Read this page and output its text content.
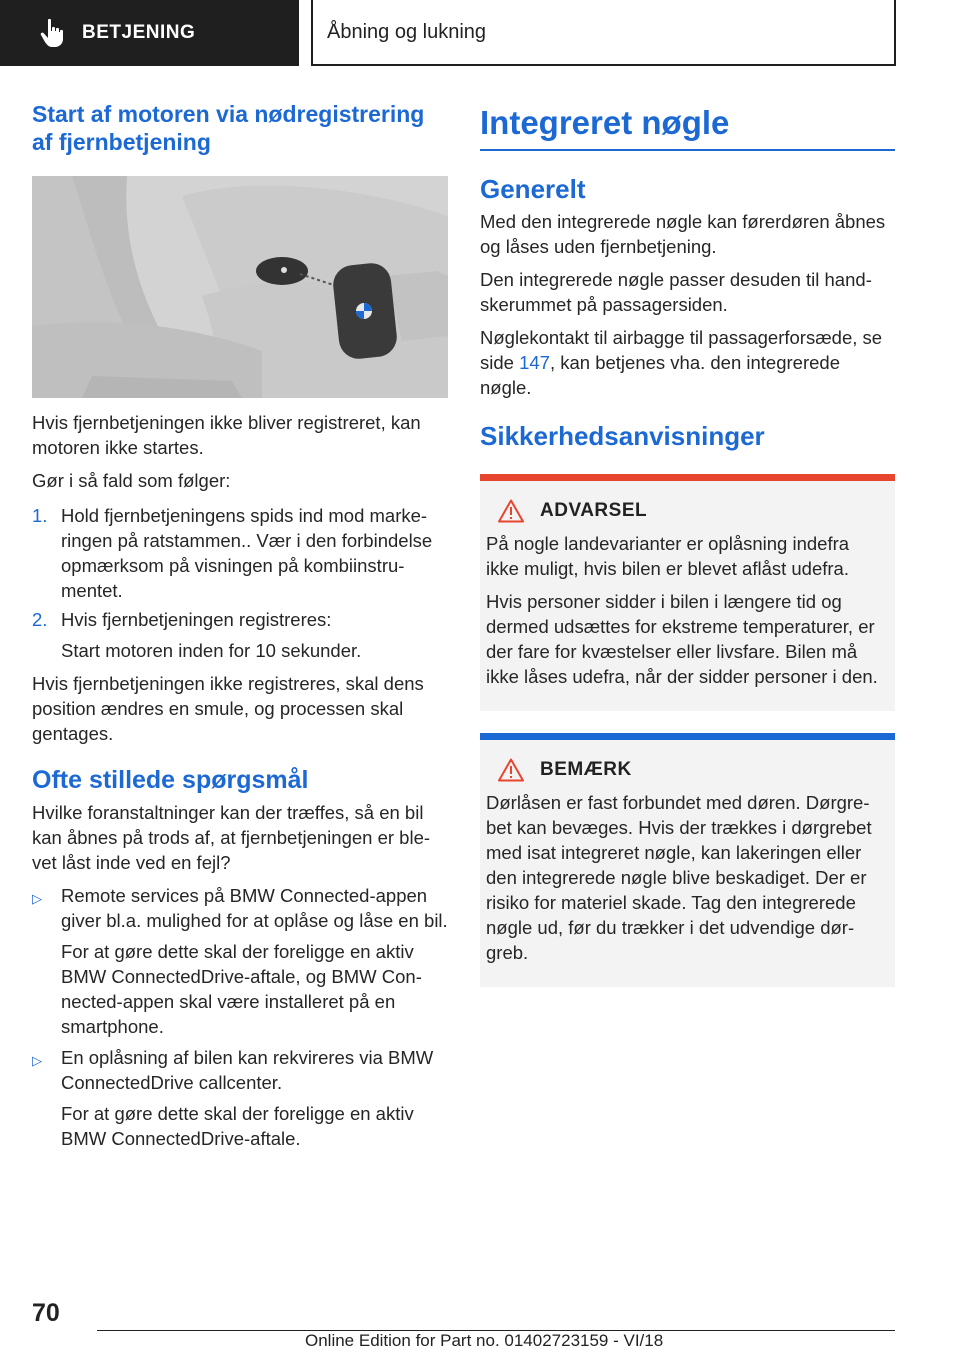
BETJENING	Åbning og lukning
Start af motoren via nødregistrering af fjernbetjening

Hvis fjernbetjeningen ikke bliver registreret, kan motoren ikke startes.

Gør i så fald som følger:

1. Hold fjernbetjeningens spids ind mod markeringen på ratstammen.. Vær i den forbindelse opmærksom på visningen på kombiinstrumentet.
2. Hvis fjernbetjeningen registreres:

Start motoren inden for 10 sekunder.

Hvis fjernbetjeningen ikke registreres, skal dens position ændres en smule, og processen skal gentages.

Ofte stillede spørgsmål

Hvilke foranstaltninger kan der træffes, så en bil kan åbnes på trods af, at fjernbetjeningen er blevet låst inde ved en fejl?

▷	Remote services på BMW Connected-appen giver bl.a. mulighed for at oplåse og låse en bil.
For at gøre dette skal der foreligge en aktiv BMW ConnectedDrive-aftale, og BMW Connected-appen skal være installeret på en smartphone.
▷	En oplåsning af bilen kan rekvireres via BMW ConnectedDrive callcenter.
For at gøre dette skal der foreligge en aktiv BMW ConnectedDrive-aftale.
Integreret nøgle
Generelt

Med den integrerede nøgle kan førerdøren åbnes og låses uden fjernbetjening.

Den integrerede nøgle passer desuden til handskerummet på passagersiden.

Nøglekontakt til airbagge til passagerforsæde, se side 147, kan betjenes vha. den integrerede nøgle.

Sikkerhedsanvisninger
ADVARSEL

På nogle landevarianter er oplåsning indefra ikke muligt, hvis bilen er blevet aflåst udefra.

Hvis personer sidder i bilen i længere tid og dermed udsættes for ekstreme temperaturer, er der fare for kvæstelser eller livsfare. Bilen må ikke låses udefra, når der sidder personer i den.

BEMÆRK

Dørlåsen er fast forbundet med døren. Dørgrebet kan bevæges. Hvis der trækkes i dørgrebet med isat integreret nøgle, kan lakeringen eller den integrerede nøgle blive beskadiget. Der er risiko for materiel skade. Tag den integrerede nøgle ud, før du trækker i det udvendige dørgreb.

70
Online Edition for Part no. 01402723159 - VI/18
